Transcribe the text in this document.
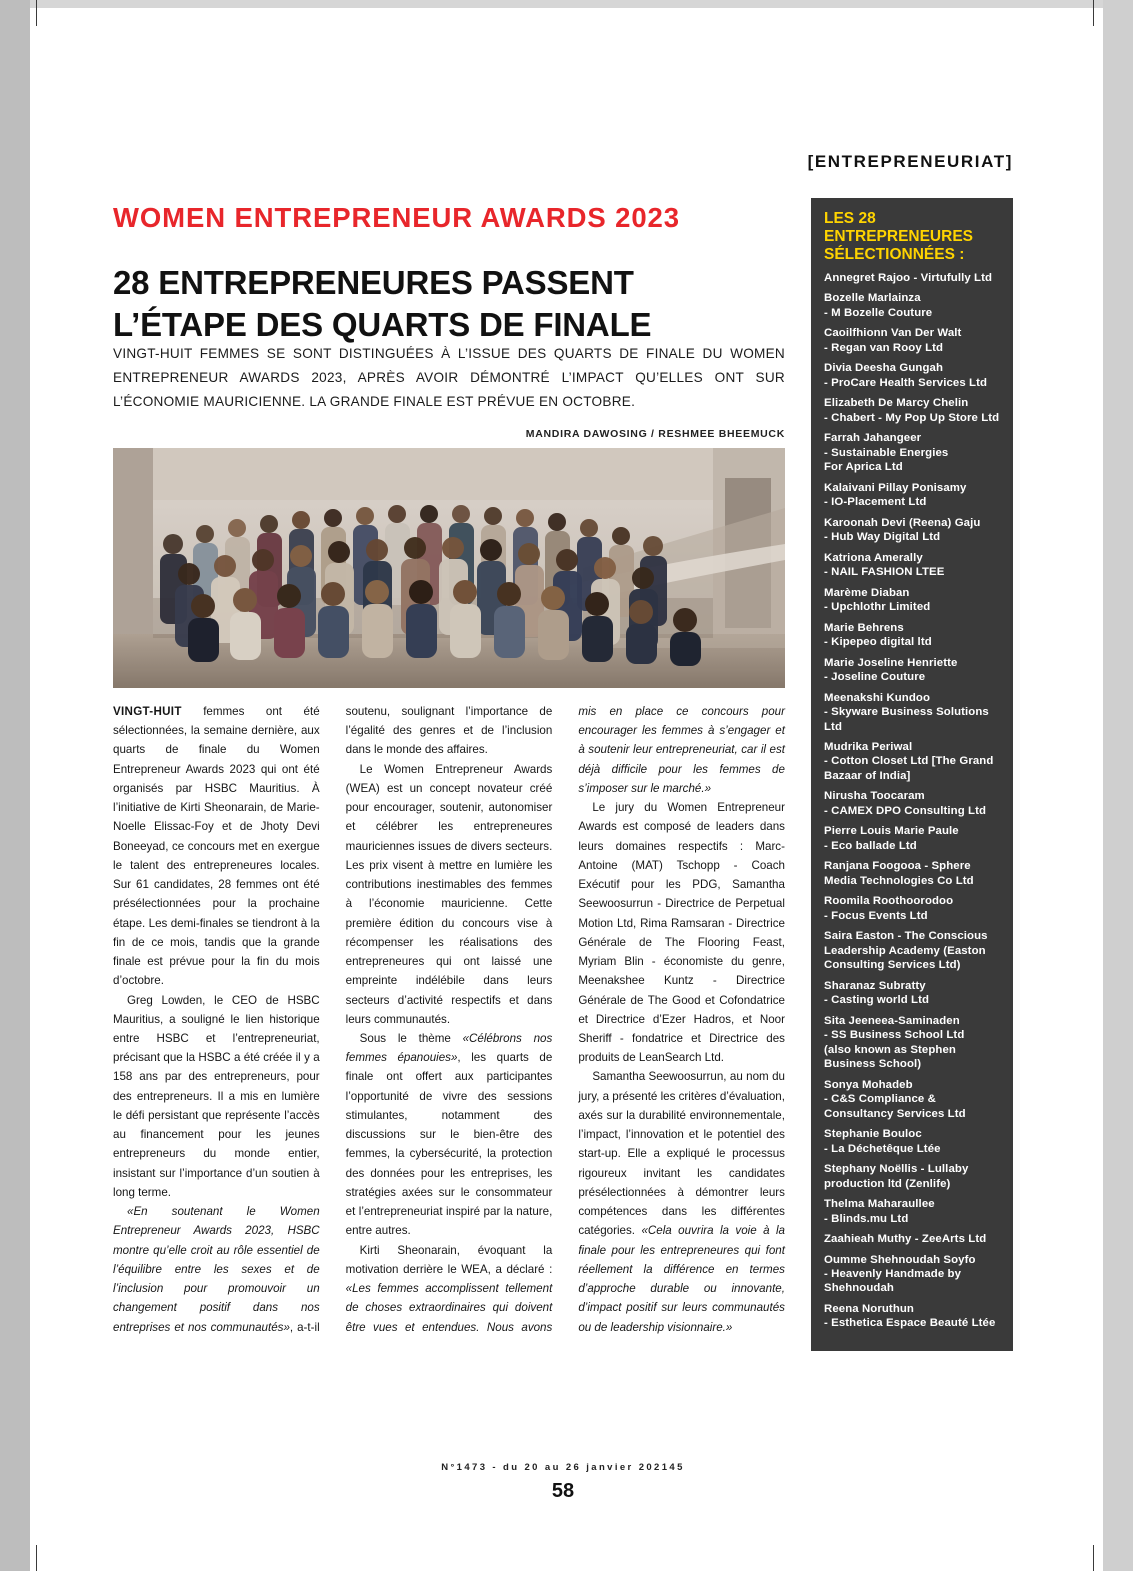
[ENTREPRENEURIAT]
WOMEN ENTREPRENEUR AWARDS 2023
28 ENTREPRENEURES PASSENT L’ÉTAPE DES QUARTS DE FINALE
VINGT-HUIT FEMMES SE SONT DISTINGUÉES À L’ISSUE DES QUARTS DE FINALE DU WOMEN ENTREPRENEUR AWARDS 2023, APRÈS AVOIR DÉMONTRÉ L’IMPACT QU’ELLES ONT SUR L’ÉCONOMIE MAURICIENNE. LA GRANDE FINALE EST PRÉVUE EN OCTOBRE.
MANDIRA DAWOSING / RESHMEE BHEEMUCK

VINGT-HUIT femmes ont été sélectionnées, la semaine dernière, aux quarts de finale du Women Entrepreneur Awards 2023 qui ont été organisés par HSBC Mauritius. À l’initiative de Kirti Sheonarain, de Marie-Noelle Elissac-Foy et de Jhoty Devi Boneeyad, ce concours met en exergue le talent des entrepreneures locales. Sur 61 candidates, 28 femmes ont été présélectionnées pour la prochaine étape. Les demi-finales se tiendront à la fin de ce mois, tandis que la grande finale est prévue pour la fin du mois d’octobre.

Greg Lowden, le CEO de HSBC Mauritius, a souligné le lien historique entre HSBC et l’entrepreneuriat, précisant que la HSBC a été créée il y a 158 ans par des entrepreneurs, pour des entrepreneurs. Il a mis en lumière le défi persistant que représente l’accès au financement pour les jeunes entrepreneurs du monde entier, insistant sur l’importance d’un soutien à long terme.

«En soutenant le Women Entrepreneur Awards 2023, HSBC montre qu’elle croit au rôle essentiel de l’équilibre entre les sexes et de l’inclusion pour promouvoir un changement positif dans nos entreprises et nos communautés», a-t-il soutenu, soulignant l’importance de l’égalité des genres et de l’inclusion dans le monde des affaires.

Le Women Entrepreneur Awards (WEA) est un concept novateur créé pour encourager, soutenir, autonomiser et célébrer les entrepreneures mauriciennes issues de divers secteurs. Les prix visent à mettre en lumière les contributions inestimables des femmes à l’économie mauricienne. Cette première édition du concours vise à récompenser les réalisations des entrepreneures qui ont laissé une empreinte indélébile dans leurs secteurs d’activité respectifs et dans leurs communautés.

Sous le thème «Célébrons nos femmes épanouies», les quarts de finale ont offert aux participantes l’opportunité de vivre des sessions stimulantes, notamment des discussions sur le bien-être des femmes, la cybersécurité, la protection des données pour les entreprises, les stratégies axées sur le consommateur et l’entrepreneuriat inspiré par la nature, entre autres.

Kirti Sheonarain, évoquant la motivation derrière le WEA, a déclaré : «Les femmes accomplissent tellement de choses extraordinaires qui doivent être vues et entendues. Nous avons mis en place ce concours pour encourager les femmes à s’engager et à soutenir leur entrepreneuriat, car il est déjà difficile pour les femmes de s’imposer sur le marché.»

Le jury du Women Entrepreneur Awards est composé de leaders dans leurs domaines respectifs : Marc-Antoine (MAT) Tschopp - Coach Exécutif pour les PDG, Samantha Seewoosurrun - Directrice de Perpetual Motion Ltd, Rima Ramsaran - Directrice Générale de The Flooring Feast, Myriam Blin - économiste du genre, Meenakshee Kuntz - Directrice Générale de The Good et Cofondatrice et Directrice d’Ezer Hadros, et Noor Sheriff - fondatrice et Directrice des produits de LeanSearch Ltd.

Samantha Seewoosurrun, au nom du jury, a présenté les critères d’évaluation, axés sur la durabilité environnementale, l’impact, l’innovation et le potentiel des start-up. Elle a expliqué le processus rigoureux invitant les candidates présélectionnées à démontrer leurs compétences dans les différentes catégories. «Cela ouvrira la voie à la finale pour les entrepreneures qui font réellement la différence en termes d’approche durable ou innovante, d’impact positif sur leurs communautés ou de leadership visionnaire.»

LES 28 ENTREPRENEURES SÉLECTIONNÉES :
Annegret Rajoo - Virtufully Ltd
Bozelle Marlainza
- M Bozelle Couture
Caoilfhionn Van Der Walt
- Regan van Rooy Ltd
Divia Deesha Gungah
- ProCare Health Services Ltd
Elizabeth De Marcy Chelin
- Chabert - My Pop Up Store Ltd
Farrah Jahangeer
- Sustainable Energies
For Aprica Ltd
Kalaivani Pillay Ponisamy
- IO-Placement Ltd
Karoonah Devi (Reena) Gaju
- Hub Way Digital Ltd
Katriona Amerally
- NAIL FASHION LTEE
Marème Diaban
- Upchlothr Limited
Marie Behrens
- Kipepeo digital ltd
Marie Joseline Henriette
- Joseline Couture
Meenakshi Kundoo
- Skyware Business Solutions Ltd
Mudrika Periwal
- Cotton Closet Ltd [The Grand Bazaar of India]
Nirusha Toocaram
- CAMEX DPO Consulting Ltd
Pierre Louis Marie Paule
- Eco ballade Ltd
Ranjana Foogooa - Sphere Media Technologies Co Ltd
Roomila Roothoorodoo
- Focus Events Ltd
Saira Easton - The Conscious Leadership Academy (Easton Consulting Services Ltd)
Sharanaz Subratty
- Casting world Ltd
Sita Jeeneea-Saminaden
- SS Business School Ltd
(also known as Stephen Business School)
Sonya Mohadeb
- C&S Compliance &
Consultancy Services Ltd
Stephanie Bouloc
- La Déchetêque Ltée
Stephany Noëllis - Lullaby production ltd (Zenlife)
Thelma Maharaullee
- Blinds.mu Ltd
Zaahieah Muthy - ZeeArts Ltd
Oumme Shehnoudah Soyfo
- Heavenly Handmade by Shehnoudah
Reena Noruthun
- Esthetica Espace Beauté Ltée
N°1473 - du 20 au 26 janvier 202145
58
